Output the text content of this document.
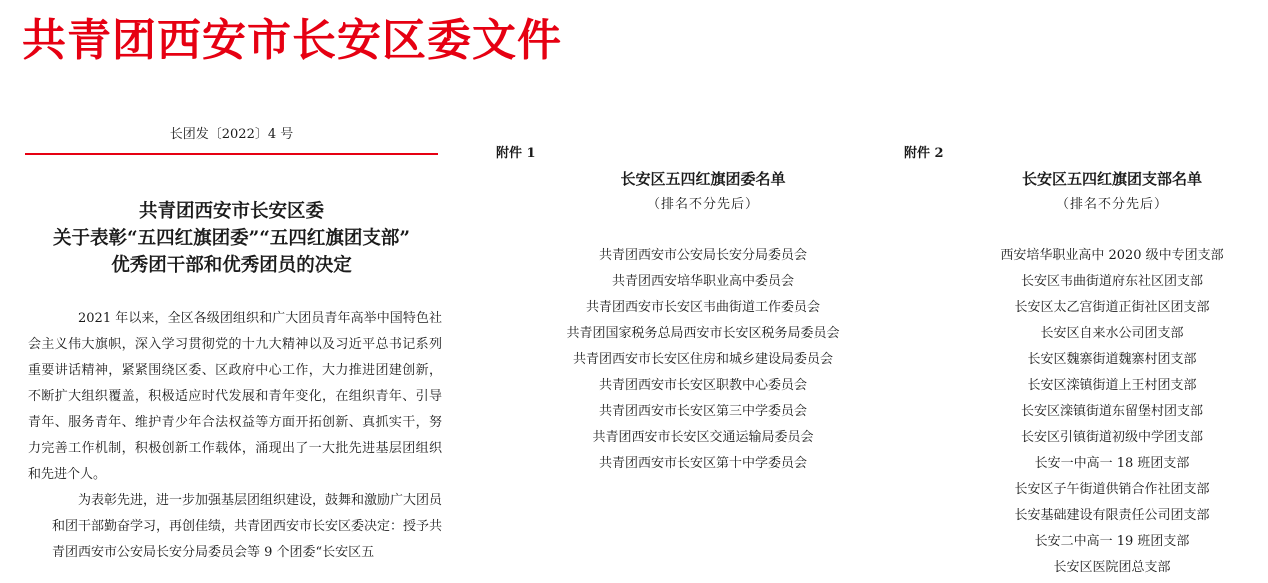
共青团西安市长安区委文件
长团发〔2022〕4 号
共青团西安市长安区委
关于表彰“五四红旗团委”“五四红旗团支部”
优秀团干部和优秀团员的决定

2021 年以来，全区各级团组织和广大团员青年高举中国特色社会主义伟大旗帜，深入学习贯彻党的十九大精神以及习近平总书记系列重要讲话精神，紧紧围绕区委、区政府中心工作，大力推进团建创新，不断扩大组织覆盖，积极适应时代发展和青年变化，在组织青年、引导青年、服务青年、维护青少年合法权益等方面开拓创新、真抓实干，努力完善工作机制，积极创新工作载体，涌现出了一大批先进基层团组织和先进个人。

为表彰先进，进一步加强基层团组织建设，鼓舞和激励广大团员和团干部勤奋学习，再创佳绩，共青团西安市长安区委决定：授予共青团西安市公安局长安分局委员会等 9 个团委“长安区五

附件 1
长安区五四红旗团委名单
（排名不分先后）
共青团西安市公安局长安分局委员会
共青团西安培华职业高中委员会
共青团西安市长安区韦曲街道工作委员会
共青团国家税务总局西安市长安区税务局委员会
共青团西安市长安区住房和城乡建设局委员会
共青团西安市长安区职教中心委员会
共青团西安市长安区第三中学委员会
共青团西安市长安区交通运输局委员会
共青团西安市长安区第十中学委员会
附件 2
长安区五四红旗团支部名单
（排名不分先后）
西安培华职业高中 2020 级中专团支部
长安区韦曲街道府东社区团支部
长安区太乙宫街道正街社区团支部
长安区自来水公司团支部
长安区魏寨街道魏寨村团支部
长安区滦镇街道上王村团支部
长安区滦镇街道东留堡村团支部
长安区引镇街道初级中学团支部
长安一中高一 18 班团支部
长安区子午街道供销合作社团支部
长安基础建设有限责任公司团支部
长安二中高一 19 班团支部
长安区医院团总支部
